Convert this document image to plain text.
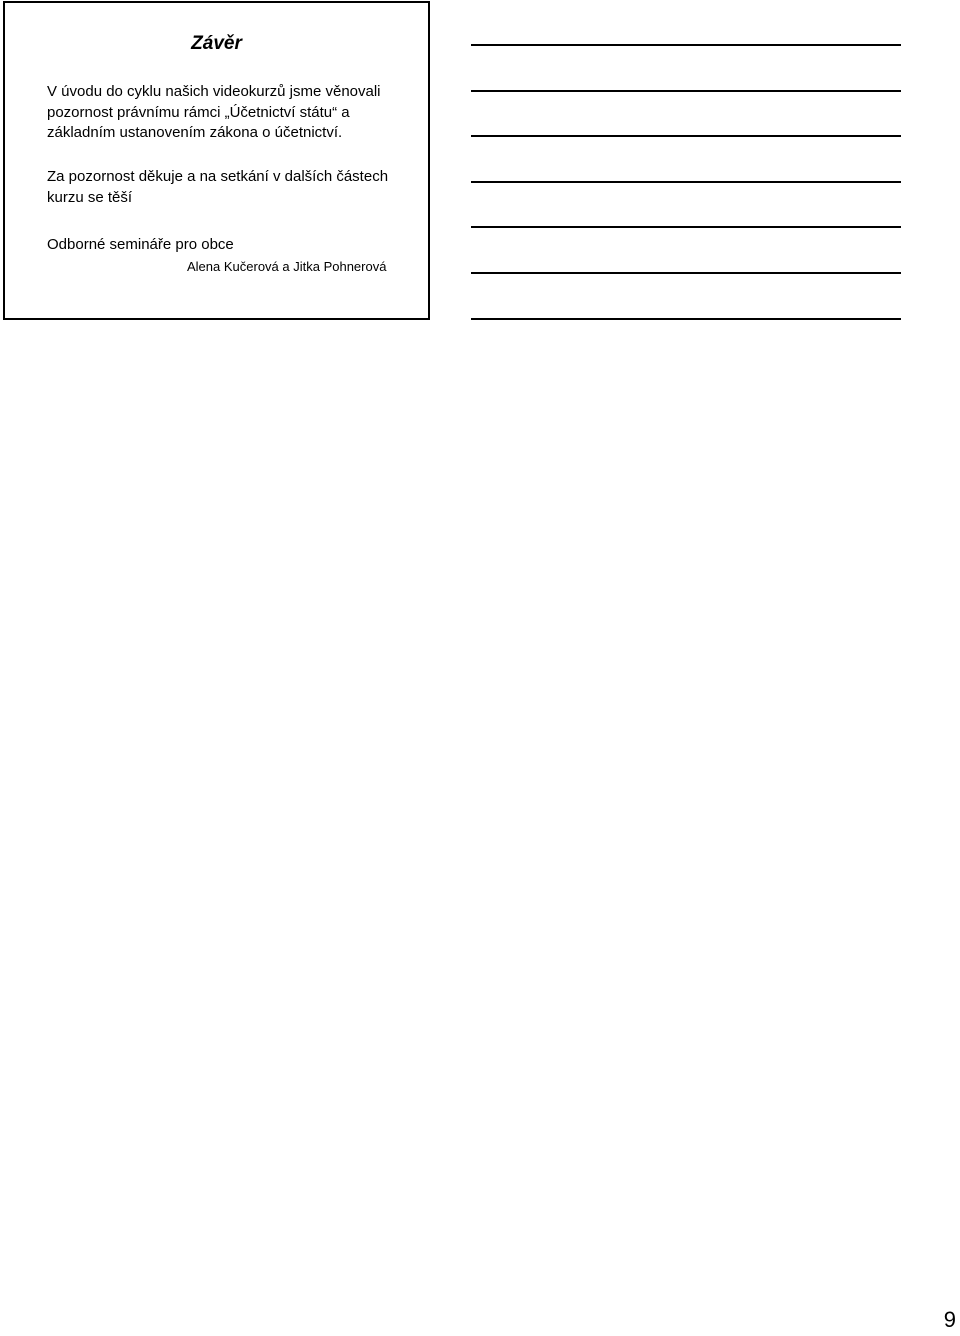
Závěr

V úvodu do cyklu našich videokurzů jsme věnovali pozornost právnímu rámci „Účetnictví státu“ a základním ustanovením zákona o účetnictví.

Za pozornost děkuje a na setkání v dalších částech kurzu se těší

Odborné semináře pro obce

Alena Kučerová a Jitka Pohnerová

9
